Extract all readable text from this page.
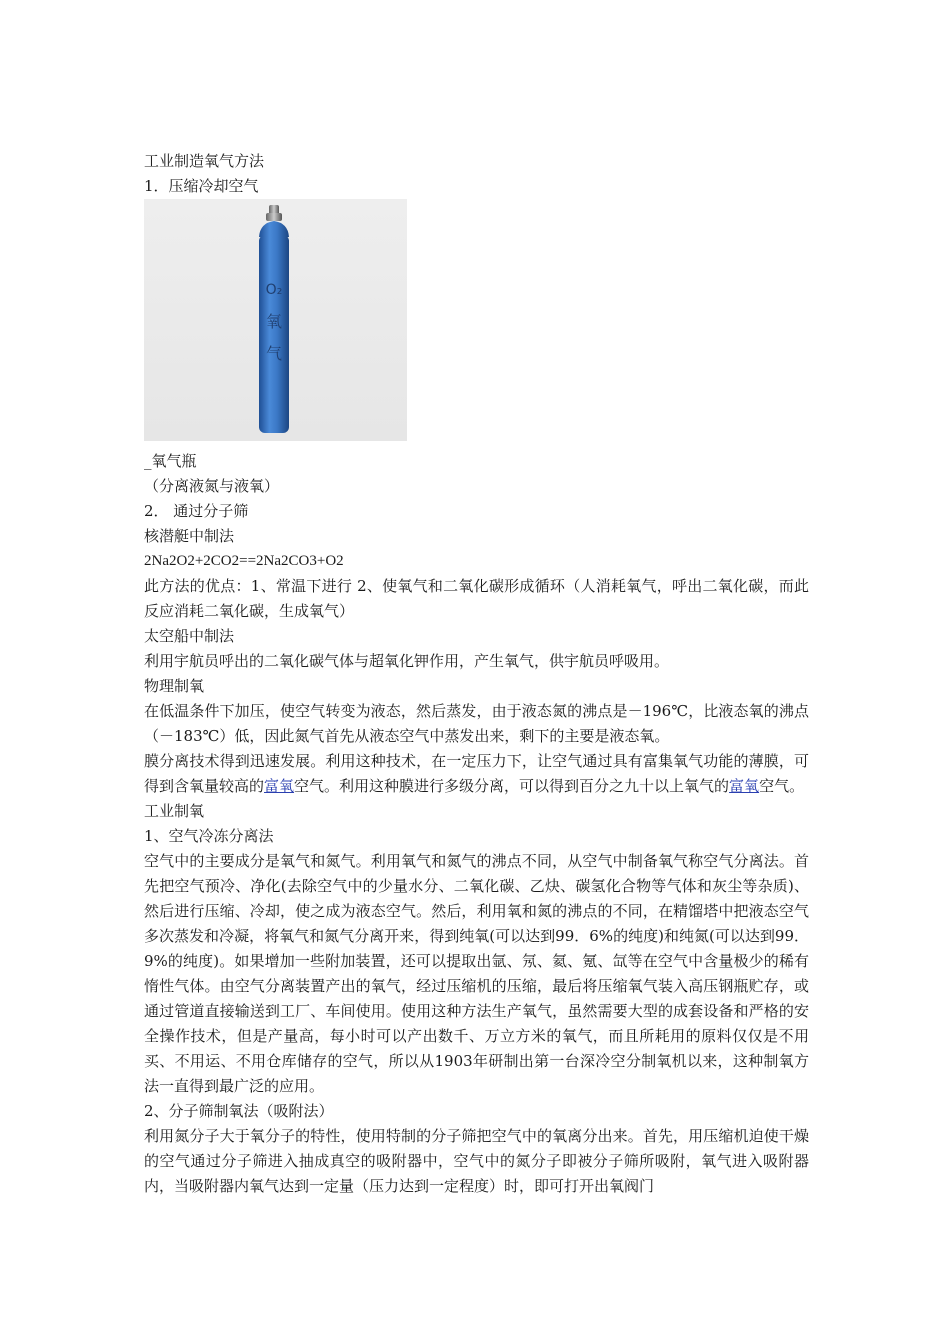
工业制造氧气方法

1．压缩冷却空气

O₂
氧
气

_氧气瓶

（分离液氮与液氧）

2． 通过分子筛

核潜艇中制法

2Na2O2+2CO2==2Na2CO3+O2

此方法的优点：1、常温下进行 2、使氧气和二氧化碳形成循环（人消耗氧气，呼出二氧化碳，而此反应消耗二氧化碳，生成氧气）

太空船中制法

利用宇航员呼出的二氧化碳气体与超氧化钾作用，产生氧气，供宇航员呼吸用。

物理制氧

在低温条件下加压，使空气转变为液态，然后蒸发，由于液态氮的沸点是－196℃，比液态氧的沸点（－183℃）低，因此氮气首先从液态空气中蒸发出来，剩下的主要是液态氧。

膜分离技术得到迅速发展。利用这种技术，在一定压力下，让空气通过具有富集氧气功能的薄膜，可得到含氧量较高的富氧空气。利用这种膜进行多级分离，可以得到百分之九十以上氧气的富氧空气。

工业制氧

1、空气冷冻分离法

空气中的主要成分是氧气和氮气。利用氧气和氮气的沸点不同，从空气中制备氧气称空气分离法。首先把空气预冷、净化(去除空气中的少量水分、二氧化碳、乙炔、碳氢化合物等气体和灰尘等杂质)、然后进行压缩、冷却，使之成为液态空气。然后，利用氧和氮的沸点的不同，在精馏塔中把液态空气多次蒸发和冷凝，将氧气和氮气分离开来，得到纯氧(可以达到99．6%的纯度)和纯氮(可以达到99．9%的纯度)。如果增加一些附加装置，还可以提取出氩、氖、氦、氪、氙等在空气中含量极少的稀有惰性气体。由空气分离装置产出的氧气，经过压缩机的压缩，最后将压缩氧气装入高压钢瓶贮存，或通过管道直接输送到工厂、车间使用。使用这种方法生产氧气，虽然需要大型的成套设备和严格的安全操作技术，但是产量高，每小时可以产出数千、万立方米的氧气，而且所耗用的原料仅仅是不用买、不用运、不用仓库储存的空气，所以从1903年研制出第一台深冷空分制氧机以来，这种制氧方法一直得到最广泛的应用。

2、分子筛制氧法（吸附法）

利用氮分子大于氧分子的特性，使用特制的分子筛把空气中的氧离分出来。首先，用压缩机迫使干燥的空气通过分子筛进入抽成真空的吸附器中，空气中的氮分子即被分子筛所吸附，氧气进入吸附器内，当吸附器内氧气达到一定量（压力达到一定程度）时，即可打开出氧阀门
